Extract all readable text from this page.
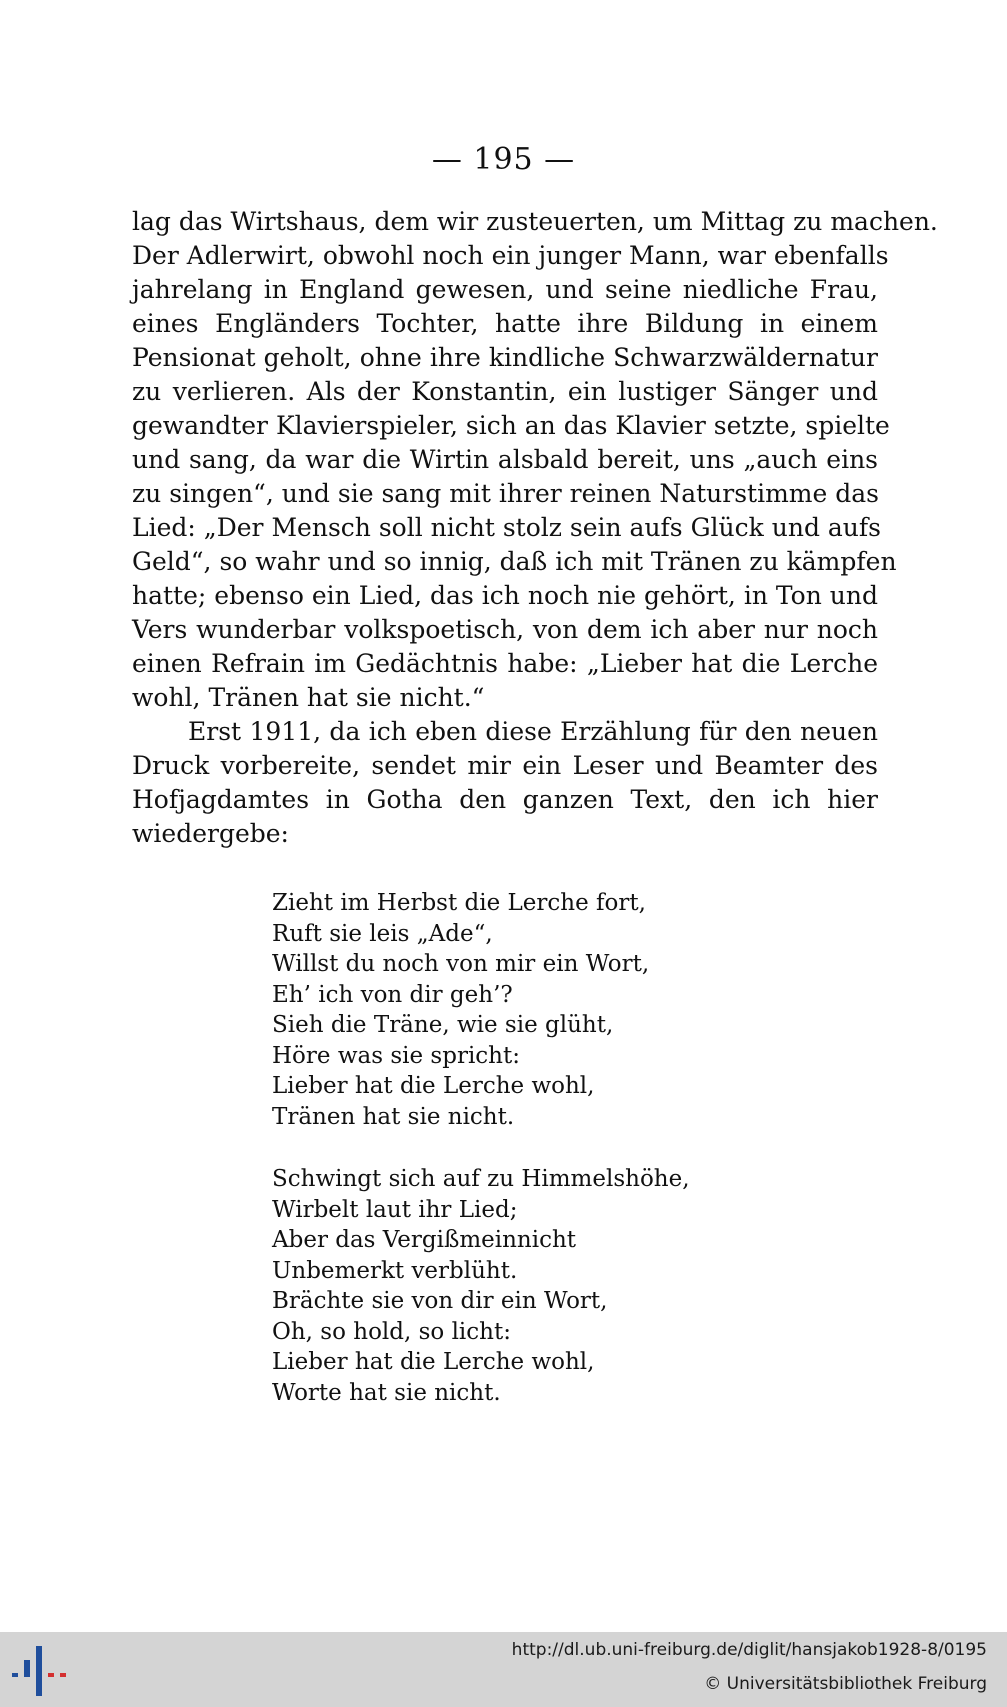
— 195 —
lag das Wirtshaus, dem wir zusteuerten, um Mittag zu machen.
Der Adlerwirt, obwohl noch ein junger Mann, war ebenfalls
jahrelang in England gewesen, und seine niedliche Frau,
eines Engländers Tochter, hatte ihre Bildung in einem
Pensionat geholt, ohne ihre kindliche Schwarzwäldernatur
zu verlieren. Als der Konstantin, ein lustiger Sänger und
gewandter Klavierspieler, sich an das Klavier setzte, spielte
und sang, da war die Wirtin alsbald bereit, uns „auch eins
zu singen“, und sie sang mit ihrer reinen Naturstimme das
Lied: „Der Mensch soll nicht stolz sein aufs Glück und aufs
Geld“, so wahr und so innig, daß ich mit Tränen zu kämpfen
hatte; ebenso ein Lied, das ich noch nie gehört, in Ton und
Vers wunderbar volkspoetisch, von dem ich aber nur noch
einen Refrain im Gedächtnis habe: „Lieber hat die Lerche
wohl, Tränen hat sie nicht.“
Erst 1911, da ich eben diese Erzählung für den neuen
Druck vorbereite, sendet mir ein Leser und Beamter des
Hofjagdamtes in Gotha den ganzen Text, den ich hier
wiedergebe:
Zieht im Herbst die Lerche fort,
Ruft sie leis „Ade“,
Willst du noch von mir ein Wort,
Eh’ ich von dir geh’?
Sieh die Träne, wie sie glüht,
Höre was sie spricht:
Lieber hat die Lerche wohl,
Tränen hat sie nicht.
Schwingt sich auf zu Himmelshöhe,
Wirbelt laut ihr Lied;
Aber das Vergißmeinnicht
Unbemerkt verblüht.
Brächte sie von dir ein Wort,
Oh, so hold, so licht:
Lieber hat die Lerche wohl,
Worte hat sie nicht.
http://dl.ub.uni-freiburg.de/diglit/hansjakob1928-8/0195
© Universitätsbibliothek Freiburg
